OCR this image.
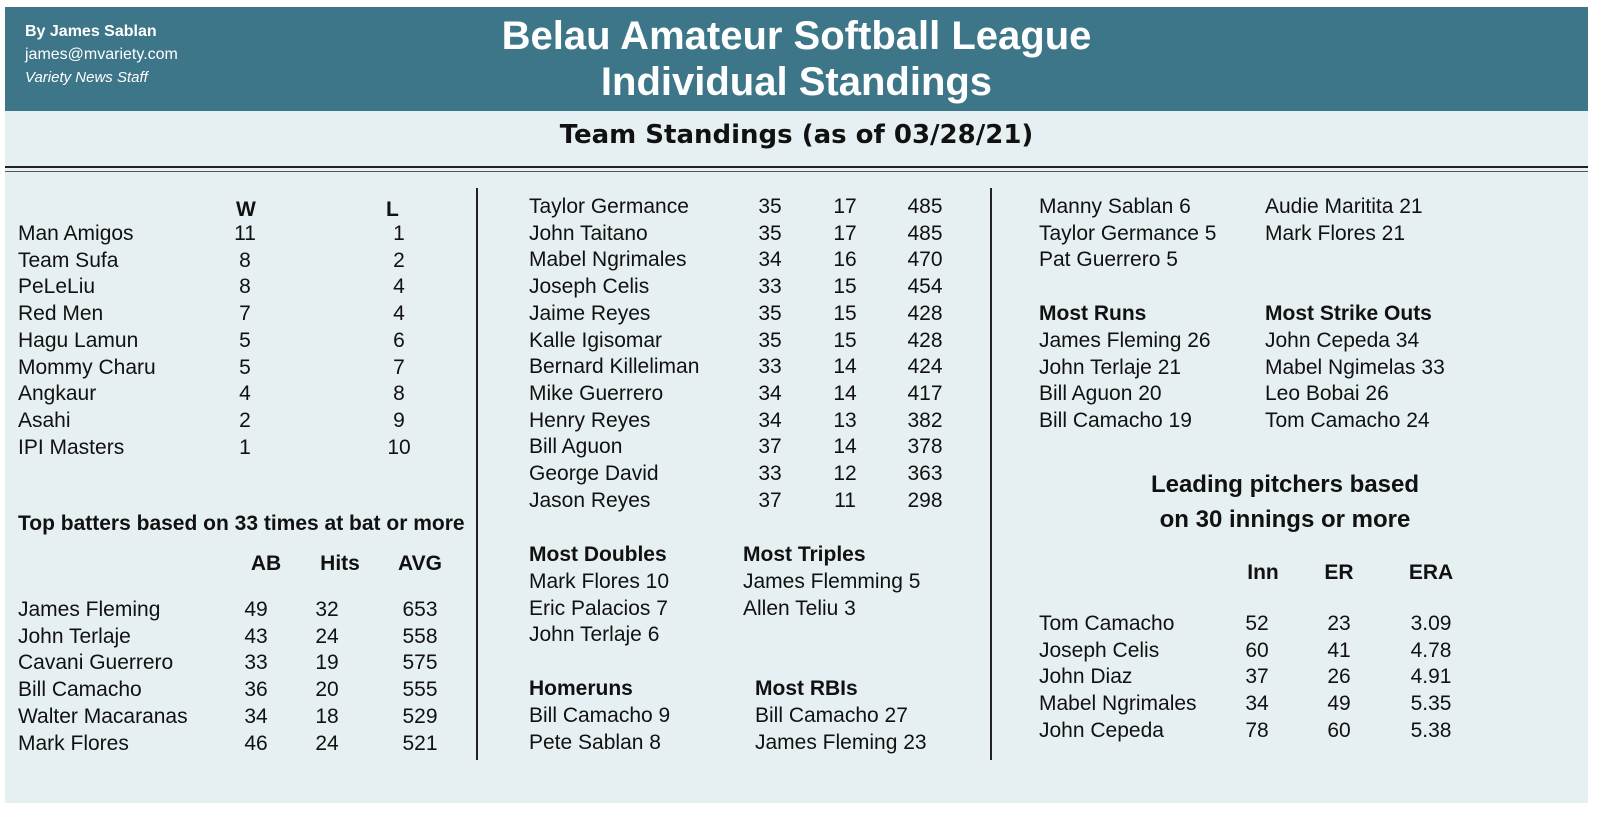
By James Sablan
james@mvariety.com
Variety News Staff
Belau Amateur Softball League
Individual Standings
Team Standings (as of 03/28/21)
W	L
Man Amigos	11	1
Team Sufa	8	2
PeLeLiu	8	4
Red Men	7	4
Hagu Lamun	5	6
Mommy Charu	5	7
Angkaur	4	8
Asahi	2	9
IPI Masters	1	10
Top batters based on 33 times at bat or more
AB	Hits	AVG
James Fleming	49	32	653
John Terlaje	43	24	558
Cavani Guerrero	33	19	575
Bill Camacho	36	20	555
Walter Macaranas	34	18	529
Mark Flores	46	24	521
Taylor Germance	35	17	485
John Taitano	35	17	485
Mabel Ngrimales	34	16	470
Joseph Celis	33	15	454
Jaime Reyes	35	15	428
Kalle Igisomar	35	15	428
Bernard Killeliman	33	14	424
Mike Guerrero	34	14	417
Henry Reyes	34	13	382
Bill Aguon	37	14	378
George David	33	12	363
Jason Reyes	37	11	298
Most Doubles
Mark Flores 10
Eric Palacios 7
John Terlaje 6
Most Triples
James Flemming 5
Allen Teliu 3
Homeruns
Bill Camacho 9
Pete Sablan 8
Most RBIs
Bill Camacho 27
James Fleming 23
Manny Sablan 6
Taylor Germance 5
Pat Guerrero 5
Audie Maritita 21
Mark Flores 21
Most Runs
James Fleming 26
John Terlaje 21
Bill Aguon 20
Bill Camacho 19
Most Strike Outs
John Cepeda 34
Mabel Ngimelas 33
Leo Bobai 26
Tom Camacho 24
Leading pitchers based
on 30 innings or more
Inn	ER	ERA
Tom Camacho	52	23	3.09
Joseph Celis	60	41	4.78
John Diaz	37	26	4.91
Mabel Ngrimales	34	49	5.35
John Cepeda	78	60	5.38
